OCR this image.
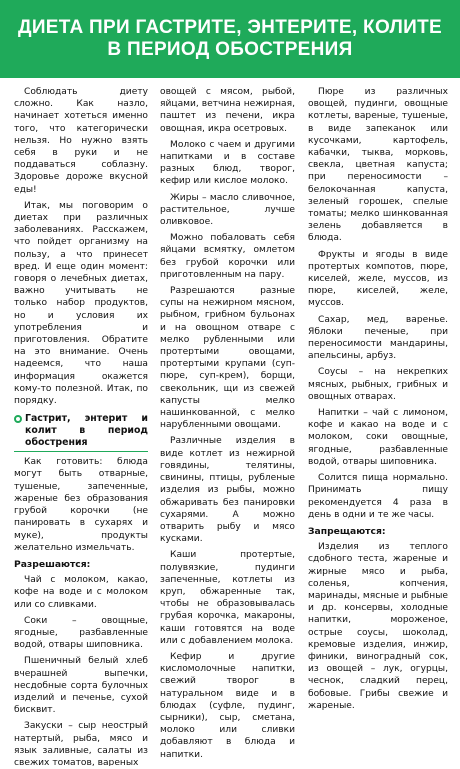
ДИЕТА ПРИ ГАСТРИТЕ, ЭНТЕРИТЕ, КОЛИТЕ В ПЕРИОД ОБОСТРЕНИЯ

Соблюдать диету сложно. Как назло, начинает хотеться именно того, что категорически нельзя. Но нужно взять себя в руки и не поддаваться соблазну. Здоровье дороже вкусной еды!

Итак, мы поговорим о диетах при различных заболеваниях. Расскажем, что пойдет организму на пользу, а что принесет вред. И еще один момент: говоря о лечебных диетах, важно учитывать не только набор продуктов, но и условия их употребления и приготовления. Обратите на это внимание. Очень надеемся, что наша информация окажется кому-то полезной. Итак, по порядку.

Гастрит, энтерит и колит в период обострения

Как готовить: блюда могут быть отварные, тушеные, запеченные, жареные без образования грубой корочки (не панировать в сухарях и муке), продукты желательно измельчать.

Разрешаются:

Чай с молоком, какао, кофе на воде и с молоком или со сливками.

Соки – овощные, ягодные, разбавленные водой, отвары шиповника.

Пшеничный белый хлеб вчерашней выпечки, несдобные сорта булочных изделий и печенье, сухой бисквит.

Закуски – сыр неострый натертый, рыба, мясо и язык заливные, салаты из свежих томатов, вареных

овощей с мясом, рыбой, яйцами, ветчина нежирная, паштет из печени, икра овощная, икра осетровых.

Молоко с чаем и другими напитками и в составе разных блюд, творог, кефир или кислое молоко.

Жиры – масло сливочное, растительное, лучше оливковое.

Можно побаловать себя яйцами всмятку, омлетом без грубой корочки или приготовленным на пару.

Разрешаются разные супы на нежирном мясном, рыбном, грибном бульонах и на овощном отваре с мелко рубленными или протертыми овощами, протертыми крупами (суп-пюре, суп-крем), борщи, свекольник, щи из свежей капусты мелко нашинкованной, с мелко нарубленными овощами.

Различные изделия в виде котлет из нежирной говядины, телятины, свинины, птицы, рубленые изделия из рыбы, можно обжаривать без панировки сухарями. А можно отварить рыбу и мясо кусками.

Каши протертые, полувязкие, пудинги запеченные, котлеты из круп, обжаренные так, чтобы не образовывалась грубая корочка, макароны, каши готовятся на воде или с добавлением молока.

Кефир и другие кисломолочные напитки, свежий творог в натуральном виде и в блюдах (суфле, пудинг, сырники), сыр, сметана, молоко или сливки добавляют в блюда и напитки.

Пюре из различных овощей, пудинги, овощные котлеты, вареные, тушеные, в виде запеканок или кусочками, картофель, кабачки, тыква, морковь, свекла, цветная капуста; при переносимости – белокочанная капуста, зеленый горошек, спелые томаты; мелко шинкованная зелень добавляется в блюда.

Фрукты и ягоды в виде протертых компотов, пюре, киселей, желе, муссов, из пюре, киселей, желе, муссов.

Сахар, мед, варенье. Яблоки печеные, при переносимости мандарины, апельсины, арбуз.

Соусы – на некрепких мясных, рыбных, грибных и овощных отварах.

Напитки – чай с лимоном, кофе и какао на воде и с молоком, соки овощные, ягодные, разбавленные водой, отвары шиповника.

Солится пища нормально. Принимать пищу рекомендуется 4 раза в день в одни и те же часы.

Запрещаются:

Изделия из теплого сдобного теста, жареные и жирные мясо и рыба, соленья, копчения, маринады, мясные и рыбные и др. консервы, холодные напитки, мороженое, острые соусы, шоколад, кремовые изделия, инжир, финики, виноградный сок, из овощей – лук, огурцы, чеснок, сладкий перец, бобовые. Грибы свежие и жареные.
